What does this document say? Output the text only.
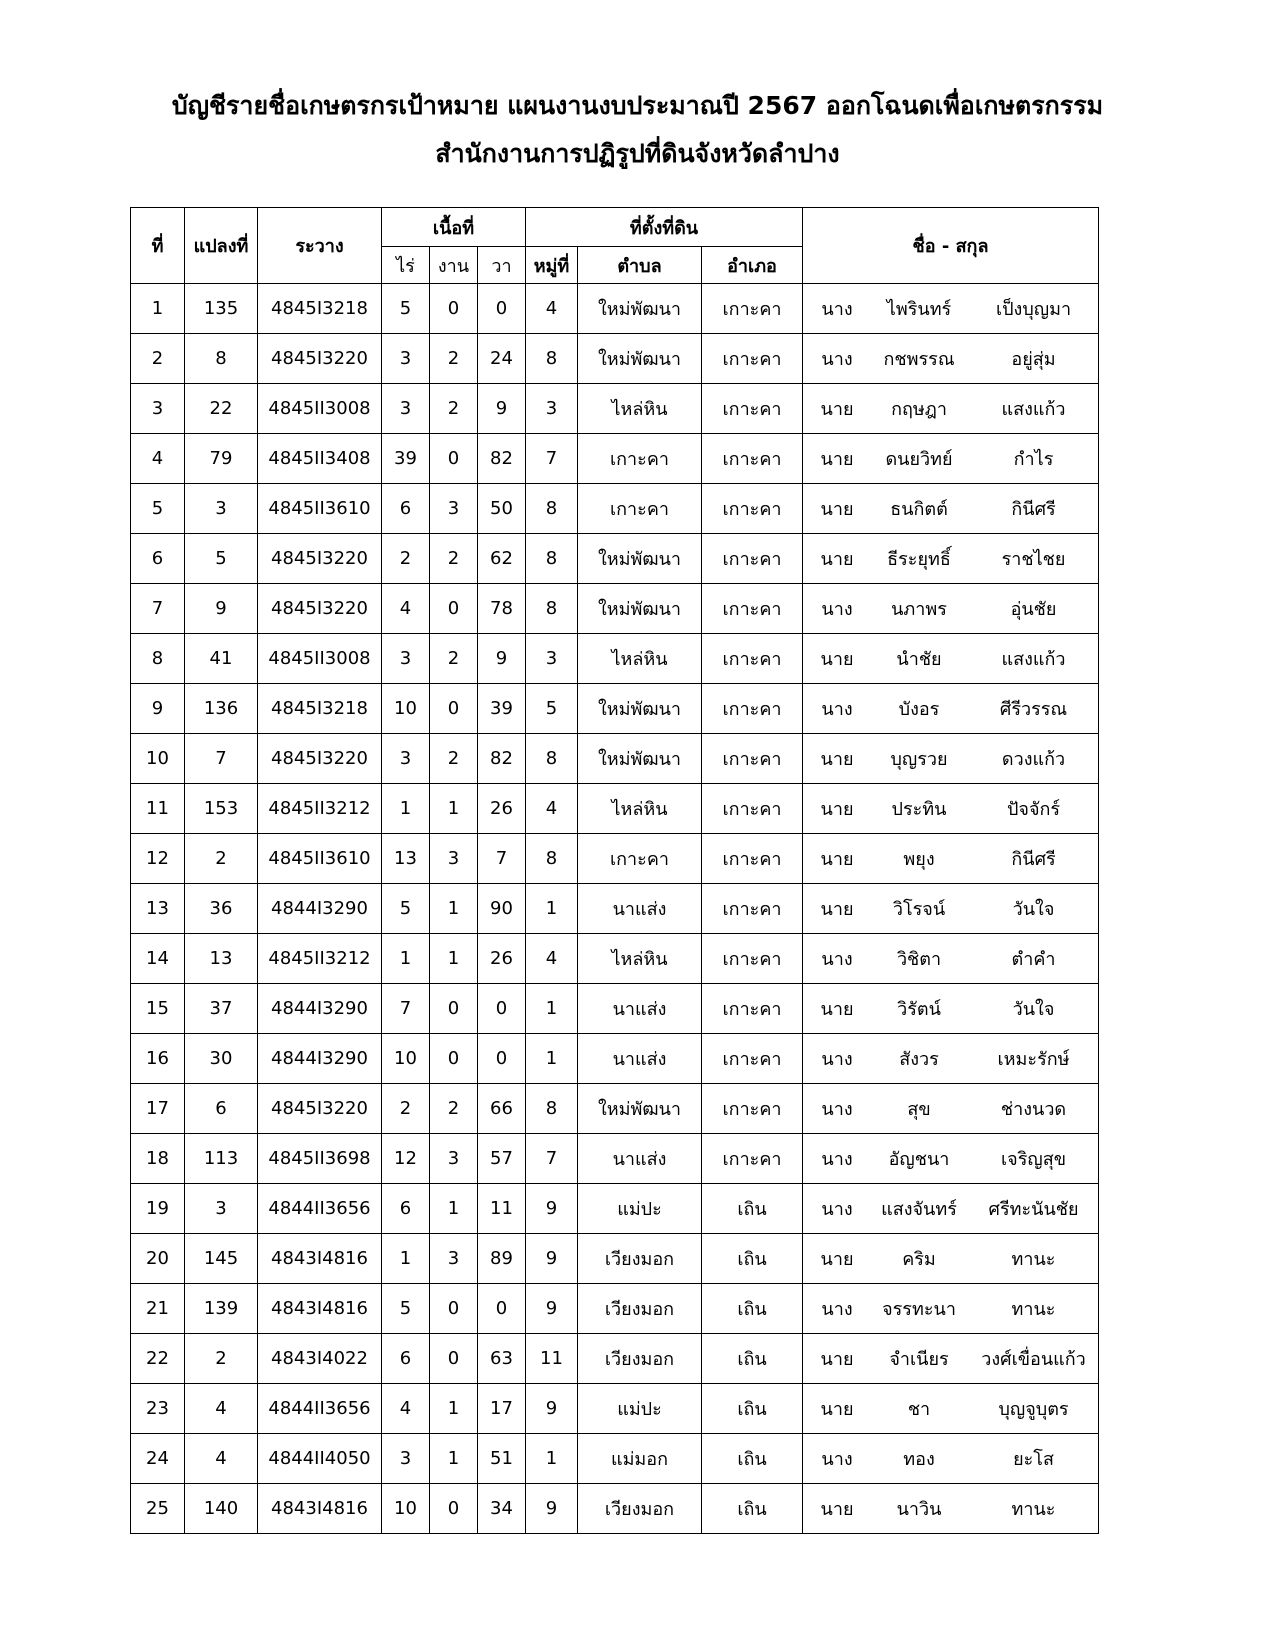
บัญชีรายชื่อเกษตรกรเป้าหมาย แผนงานงบประมาณปี 2567 ออกโฉนดเพื่อเกษตรกรรม
สำนักงานการปฏิรูปที่ดินจังหวัดลำปาง
ที่	แปลงที่	ระวาง	เนื้อที่			ที่ตั้งที่ดิน			ชื่อ - สกุล
			ไร่	งาน	วา	หมู่ที่	ตำบล	อำเภอ	
1	135	4845I3218	5	0	0	4	ใหม่พัฒนา	เกาะคา	นาง ไพรินทร์ เป็งบุญมา

2	8	4845I3220	3	2	24	8	ใหม่พัฒนา	เกาะคา	นาง กชพรรณ อยู่สุ่ม

3	22	4845II3008	3	2	9	3	ไหล่หิน	เกาะคา	นาย กฤษฎา แสงแก้ว

4	79	4845II3408	39	0	82	7	เกาะคา	เกาะคา	นาย ดนยวิทย์ กำไร

5	3	4845II3610	6	3	50	8	เกาะคา	เกาะคา	นาย ธนกิตต์ กินีศรี

6	5	4845I3220	2	2	62	8	ใหม่พัฒนา	เกาะคา	นาย ธีระยุทธิ์ ราชไชย

7	9	4845I3220	4	0	78	8	ใหม่พัฒนา	เกาะคา	นาง นภาพร อุ่นชัย

8	41	4845II3008	3	2	9	3	ไหล่หิน	เกาะคา	นาย นำชัย แสงแก้ว

9	136	4845I3218	10	0	39	5	ใหม่พัฒนา	เกาะคา	นาง บังอร ศีรีวรรณ

10	7	4845I3220	3	2	82	8	ใหม่พัฒนา	เกาะคา	นาย บุญรวย ดวงแก้ว

11	153	4845II3212	1	1	26	4	ไหล่หิน	เกาะคา	นาย ประทิน ปัจจักร์

12	2	4845II3610	13	3	7	8	เกาะคา	เกาะคา	นาย พยุง กินีศรี

13	36	4844I3290	5	1	90	1	นาแส่ง	เกาะคา	นาย วิโรจน์ วันใจ

14	13	4845II3212	1	1	26	4	ไหล่หิน	เกาะคา	นาง วิชิตา ตำคำ

15	37	4844I3290	7	0	0	1	นาแส่ง	เกาะคา	นาย วิรัตน์ วันใจ

16	30	4844I3290	10	0	0	1	นาแส่ง	เกาะคา	นาง สังวร เหมะรักษ์

17	6	4845I3220	2	2	66	8	ใหม่พัฒนา	เกาะคา	นาง สุข ช่างนวด

18	113	4845II3698	12	3	57	7	นาแส่ง	เกาะคา	นาง อัญชนา เจริญสุข

19	3	4844II3656	6	1	11	9	แม่ปะ	เถิน	นาง แสงจันทร์ ศรีทะนันชัย

20	145	4843I4816	1	3	89	9	เวียงมอก	เถิน	นาย คริม ทานะ

21	139	4843I4816	5	0	0	9	เวียงมอก	เถิน	นาง จรรทะนา ทานะ

22	2	4843I4022	6	0	63	11	เวียงมอก	เถิน	นาย จำเนียร วงศ์เขื่อนแก้ว

23	4	4844II3656	4	1	17	9	แม่ปะ	เถิน	นาย ชา บุญจูบุตร

24	4	4844II4050	3	1	51	1	แม่มอก	เถิน	นาง ทอง ยะโส

25	140	4843I4816	10	0	34	9	เวียงมอก	เถิน	นาย นาวิน ทานะ
